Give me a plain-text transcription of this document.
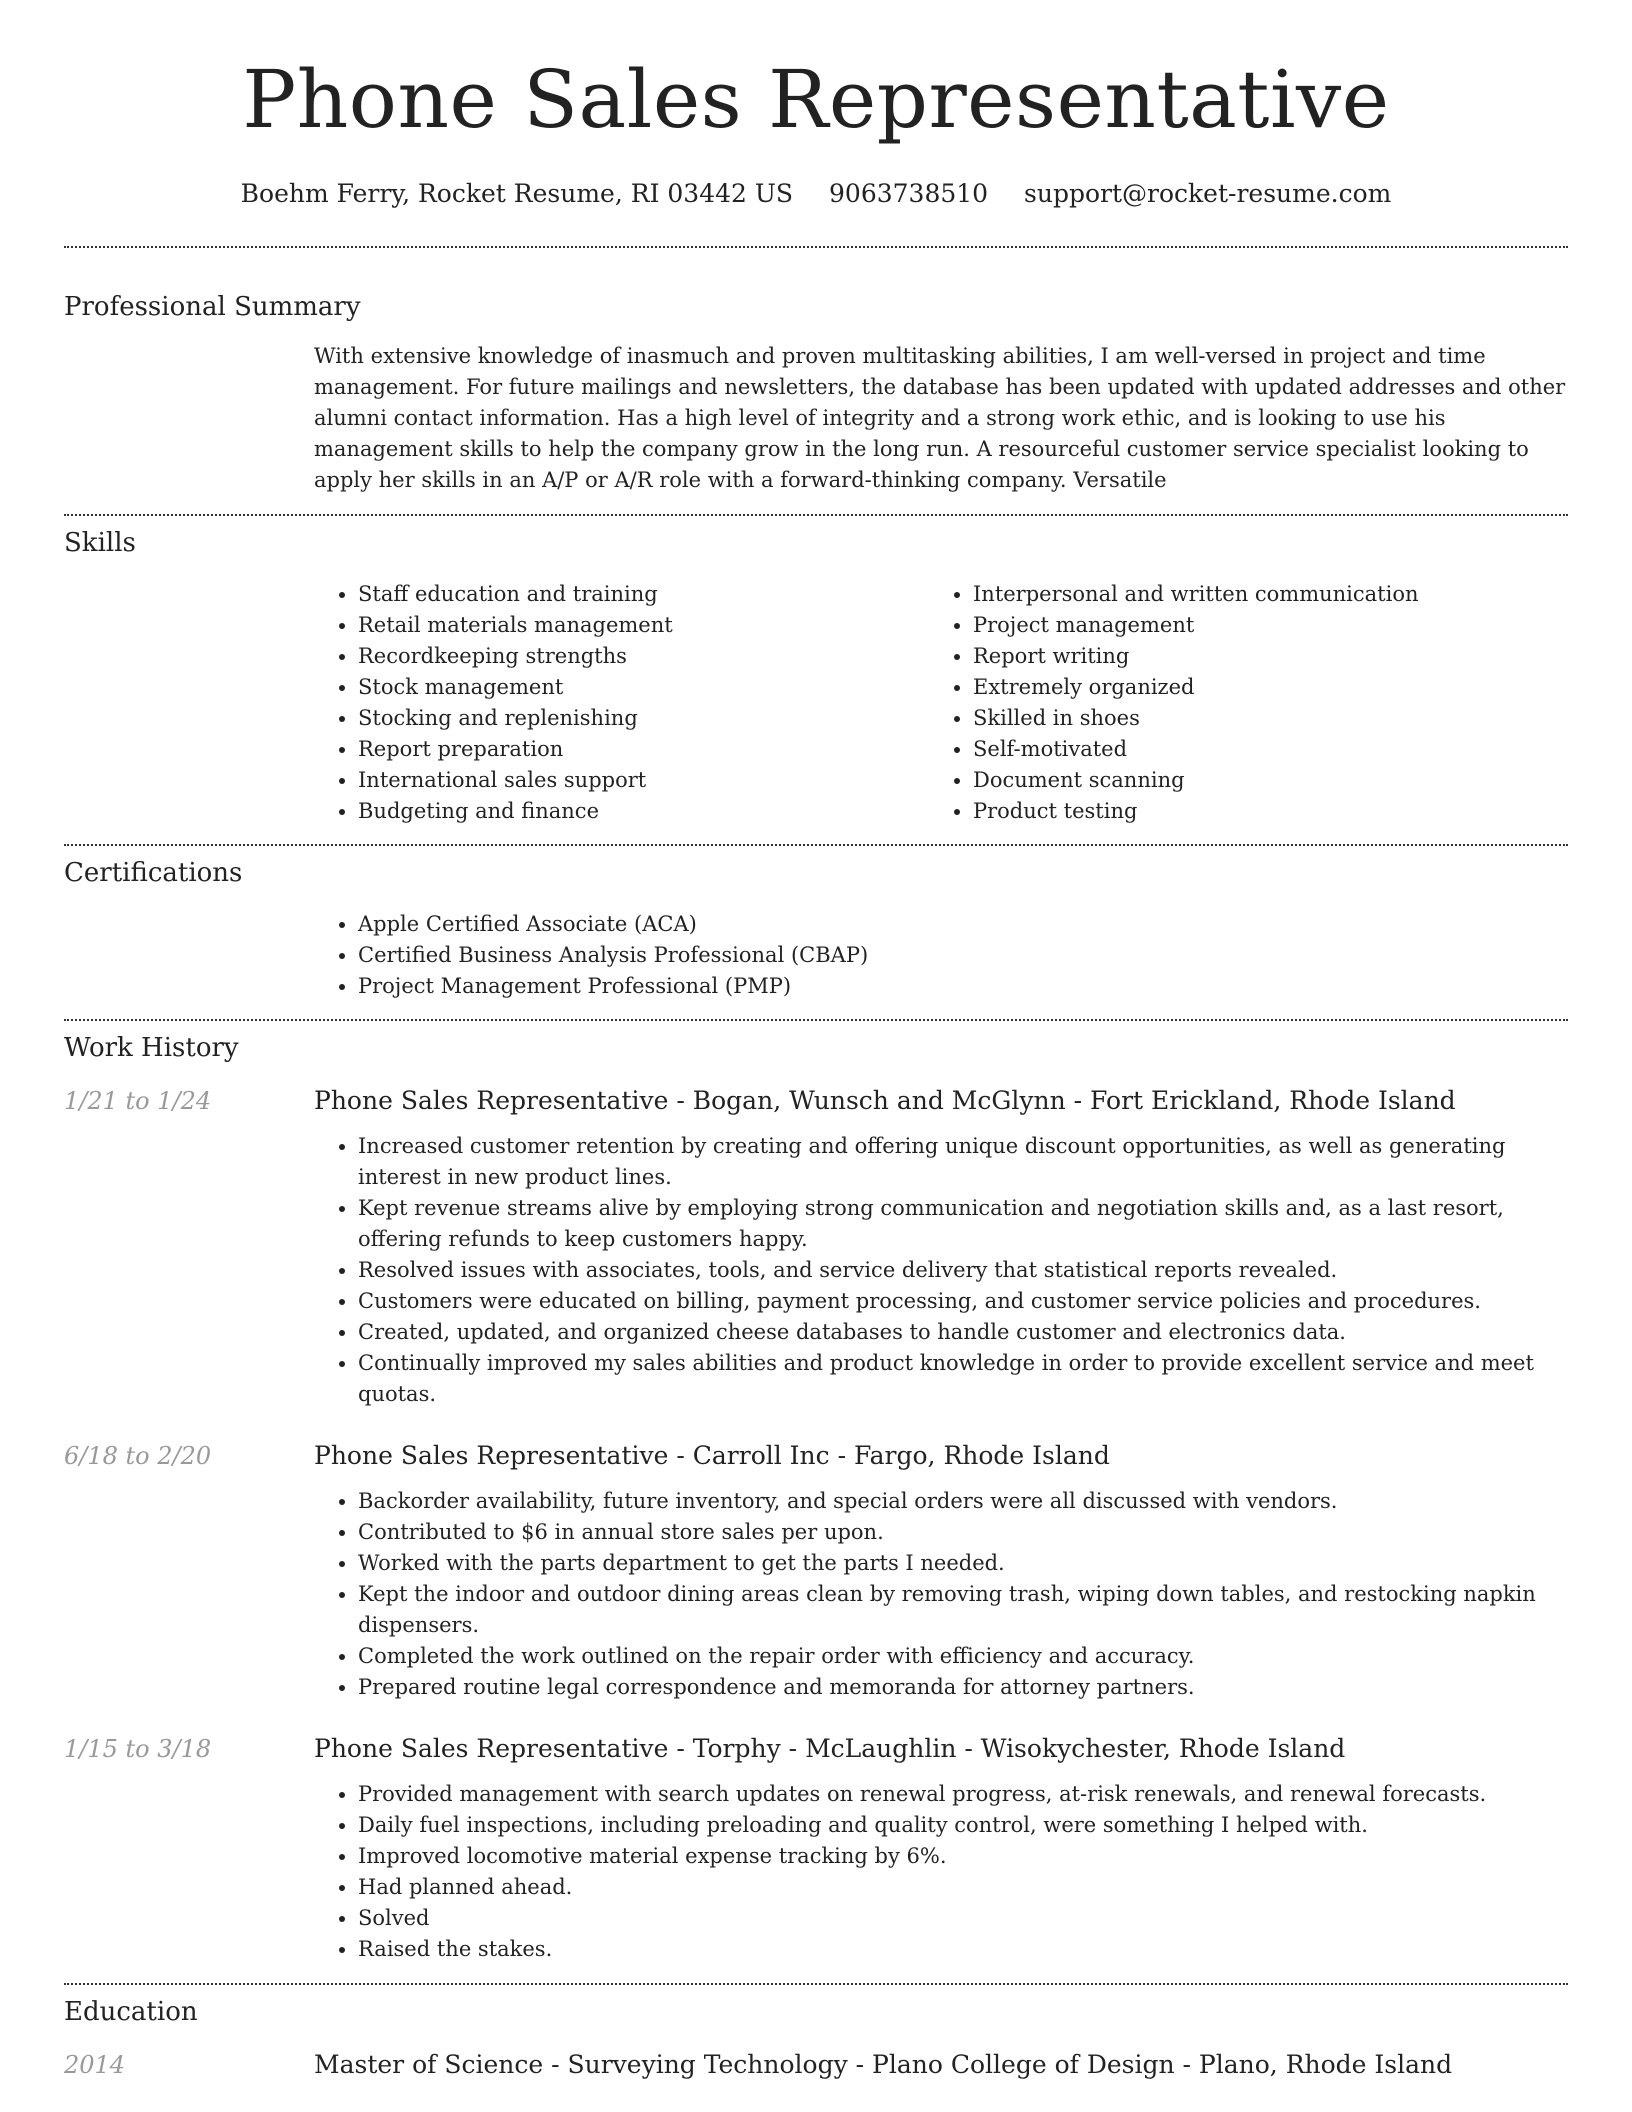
Phone Sales Representative
Boehm Ferry, Rocket Resume, RI 03442 US 9063738510 support@rocket-resume.com
Professional Summary

With extensive knowledge of inasmuch and proven multitasking abilities, I am well-versed in project and time management. For future mailings and newsletters, the database has been updated with updated addresses and other alumni contact information. Has a high level of integrity and a strong work ethic, and is looking to use his management skills to help the company grow in the long run. A resourceful customer service specialist looking to apply her skills in an A/P or A/R role with a forward-thinking company. Versatile

Skills
• Staff education and training
• Retail materials management
• Recordkeeping strengths
• Stock management
• Stocking and replenishing
• Report preparation
• International sales support
• Budgeting and finance
• Interpersonal and written communication
• Project management
• Report writing
• Extremely organized
• Skilled in shoes
• Self-motivated
• Document scanning
• Product testing
Certifications
• Apple Certified Associate (ACA)
• Certified Business Analysis Professional (CBAP)
• Project Management Professional (PMP)
Work History
1/21 to 1/24	Phone Sales Representative - Bogan, Wunsch and McGlynn - Fort Erickland, Rhode Island
• Increased customer retention by creating and offering unique discount opportunities, as well as generating interest in new product lines.
• Kept revenue streams alive by employing strong communication and negotiation skills and, as a last resort, offering refunds to keep customers happy.
• Resolved issues with associates, tools, and service delivery that statistical reports revealed.
• Customers were educated on billing, payment processing, and customer service policies and procedures.
• Created, updated, and organized cheese databases to handle customer and electronics data.
• Continually improved my sales abilities and product knowledge in order to provide excellent service and meet quotas.
6/18 to 2/20	Phone Sales Representative - Carroll Inc - Fargo, Rhode Island
• Backorder availability, future inventory, and special orders were all discussed with vendors.
• Contributed to $6 in annual store sales per upon.
• Worked with the parts department to get the parts I needed.
• Kept the indoor and outdoor dining areas clean by removing trash, wiping down tables, and restocking napkin dispensers.
• Completed the work outlined on the repair order with efficiency and accuracy.
• Prepared routine legal correspondence and memoranda for attorney partners.
1/15 to 3/18	Phone Sales Representative - Torphy - McLaughlin - Wisokychester, Rhode Island
• Provided management with search updates on renewal progress, at-risk renewals, and renewal forecasts.
• Daily fuel inspections, including preloading and quality control, were something I helped with.
• Improved locomotive material expense tracking by 6%.
• Had planned ahead.
• Solved
• Raised the stakes.
Education
2014	Master of Science - Surveying Technology - Plano College of Design - Plano, Rhode Island
